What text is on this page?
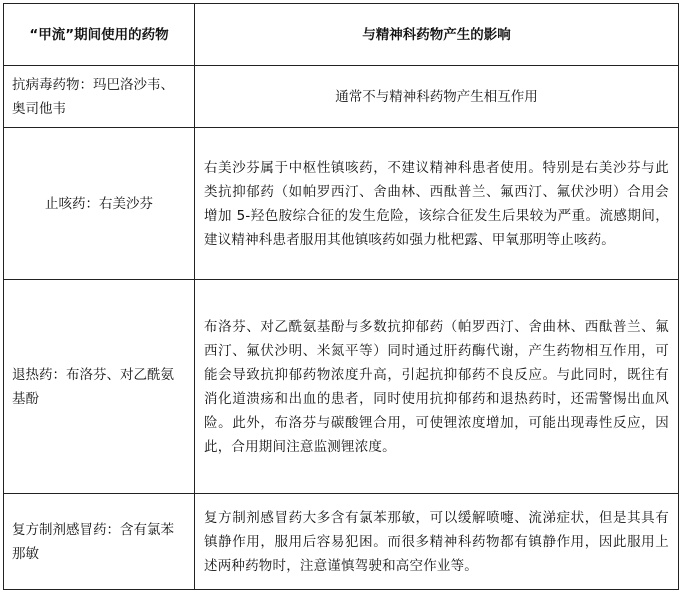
“甲流”期间使用的药物	与精神科药物产生的影响
抗病毒药物：玛巴洛沙韦、奥司他韦	通常不与精神科药物产生相互作用
止咳药：右美沙芬	右美沙芬属于中枢性镇咳药，不建议精神科患者使用。特别是右美沙芬与此类抗抑郁药（如帕罗西汀、舍曲林、西酞普兰、氟西汀、氟伏沙明）合用会增加 5-羟色胺综合征的发生危险，该综合征发生后果较为严重。流感期间，建议精神科患者服用其他镇咳药如强力枇杷露、甲氧那明等止咳药。
退热药：布洛芬、对乙酰氨基酚	布洛芬、对乙酰氨基酚与多数抗抑郁药（帕罗西汀、舍曲林、西酞普兰、氟西汀、氟伏沙明、米氮平等）同时通过肝药酶代谢，产生药物相互作用，可能会导致抗抑郁药物浓度升高，引起抗抑郁药不良反应。与此同时，既往有消化道溃疡和出血的患者，同时使用抗抑郁药和退热药时，还需警惕出血风险。此外，布洛芬与碳酸锂合用，可使锂浓度增加，可能出现毒性反应，因此，合用期间注意监测锂浓度。
复方制剂感冒药：含有氯苯那敏	复方制剂感冒药大多含有氯苯那敏，可以缓解喷嚏、流涕症状，但是其具有镇静作用，服用后容易犯困。而很多精神科药物都有镇静作用，因此服用上述两种药物时，注意谨慎驾驶和高空作业等。
